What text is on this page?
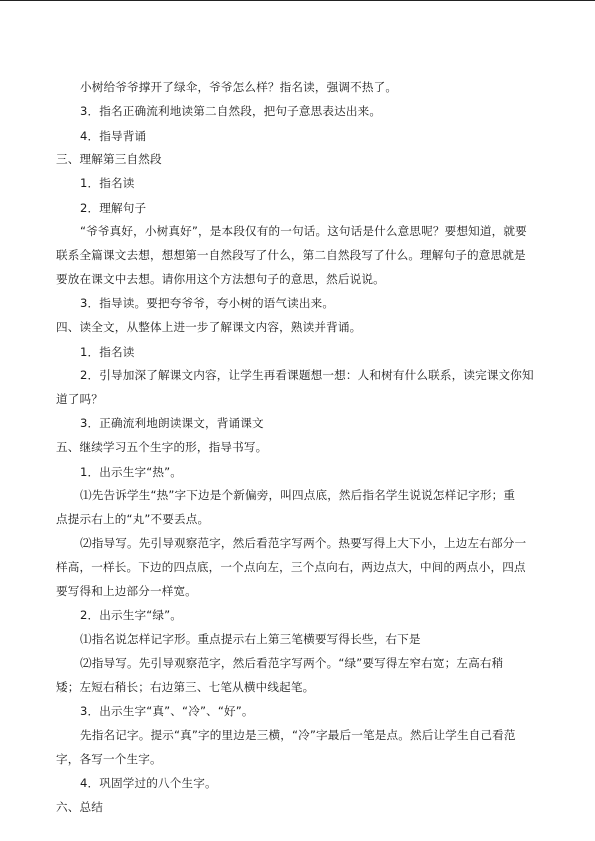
小树给爷爷撑开了绿伞，爷爷怎么样？指名读，强调不热了。
3．指名正确流利地读第二自然段，把句子意思表达出来。
4．指导背诵
三、理解第三自然段
1．指名读
2．理解句子
“爷爷真好，小树真好”，是本段仅有的一句话。这句话是什么意思呢？要想知道，就要
联系全篇课文去想，想想第一自然段写了什么，第二自然段写了什么。理解句子的意思就是
要放在课文中去想。请你用这个方法想句子的意思，然后说说。
3．指导读。要把夸爷爷，夸小树的语气读出来。
四、读全文，从整体上进一步了解课文内容，熟读并背诵。
1．指名读
2．引导加深了解课文内容，让学生再看课题想一想：人和树有什么联系，读完课文你知
道了吗？
3．正确流利地朗读课文，背诵课文
五、继续学习五个生字的形，指导书写。
1．出示生字“热”。
⑴先告诉学生“热”字下边是个新偏旁，叫四点底，然后指名学生说说怎样记字形；重
点提示右上的“丸”不要丢点。
⑵指导写。先引导观察范字，然后看范字写两个。热要写得上大下小，上边左右部分一
样高，一样长。下边的四点底，一个点向左，三个点向右，两边点大，中间的两点小，四点
要写得和上边部分一样宽。
2．出示生字“绿”。
⑴指名说怎样记字形。重点提示右上第三笔横要写得长些，右下是
⑵指导写。先引导观察范字，然后看范字写两个。“绿”要写得左窄右宽；左高右稍
矮；左短右稍长；右边第三、七笔从横中线起笔。
3．出示生字“真”、“冷”、“好”。
先指名记字。提示“真”字的里边是三横，“冷”字最后一笔是点。然后让学生自己看范
字，各写一个生字。
4．巩固学过的八个生字。
六、总结
